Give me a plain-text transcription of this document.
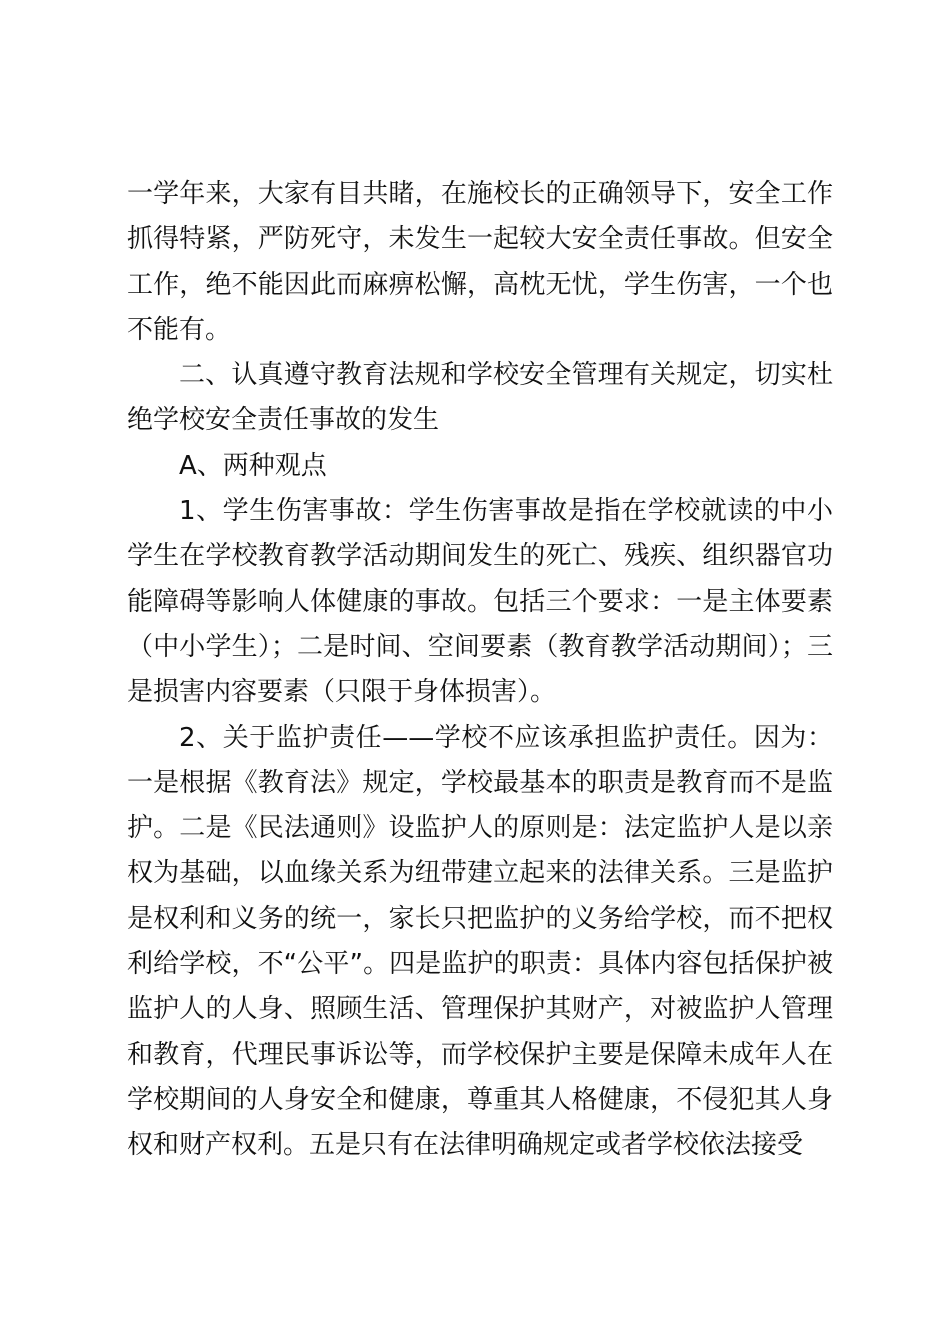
一学年来，大家有目共睹，在施校长的正确领导下，安全工作抓得特紧，严防死守，未发生一起较大安全责任事故。但安全工作，绝不能因此而麻痹松懈，高枕无忧，学生伤害，一个也不能有。

二、认真遵守教育法规和学校安全管理有关规定，切实杜绝学校安全责任事故的发生

A、两种观点

1、学生伤害事故：学生伤害事故是指在学校就读的中小学生在学校教育教学活动期间发生的死亡、残疾、组织器官功能障碍等影响人体健康的事故。包括三个要求：一是主体要素（中小学生）；二是时间、空间要素（教育教学活动期间）；三是损害内容要素（只限于身体损害）。

2、关于监护责任——学校不应该承担监护责任。因为：一是根据《教育法》规定，学校最基本的职责是教育而不是监护。二是《民法通则》设监护人的原则是：法定监护人是以亲权为基础，以血缘关系为纽带建立起来的法律关系。三是监护是权利和义务的统一，家长只把监护的义务给学校，而不把权利给学校，不“公平”。四是监护的职责：具体内容包括保护被监护人的人身、照顾生活、管理保护其财产，对被监护人管理和教育，代理民事诉讼等，而学校保护主要是保障未成年人在学校期间的人身安全和健康，尊重其人格健康，不侵犯其人身权和财产权利。五是只有在法律明确规定或者学校依法接受
